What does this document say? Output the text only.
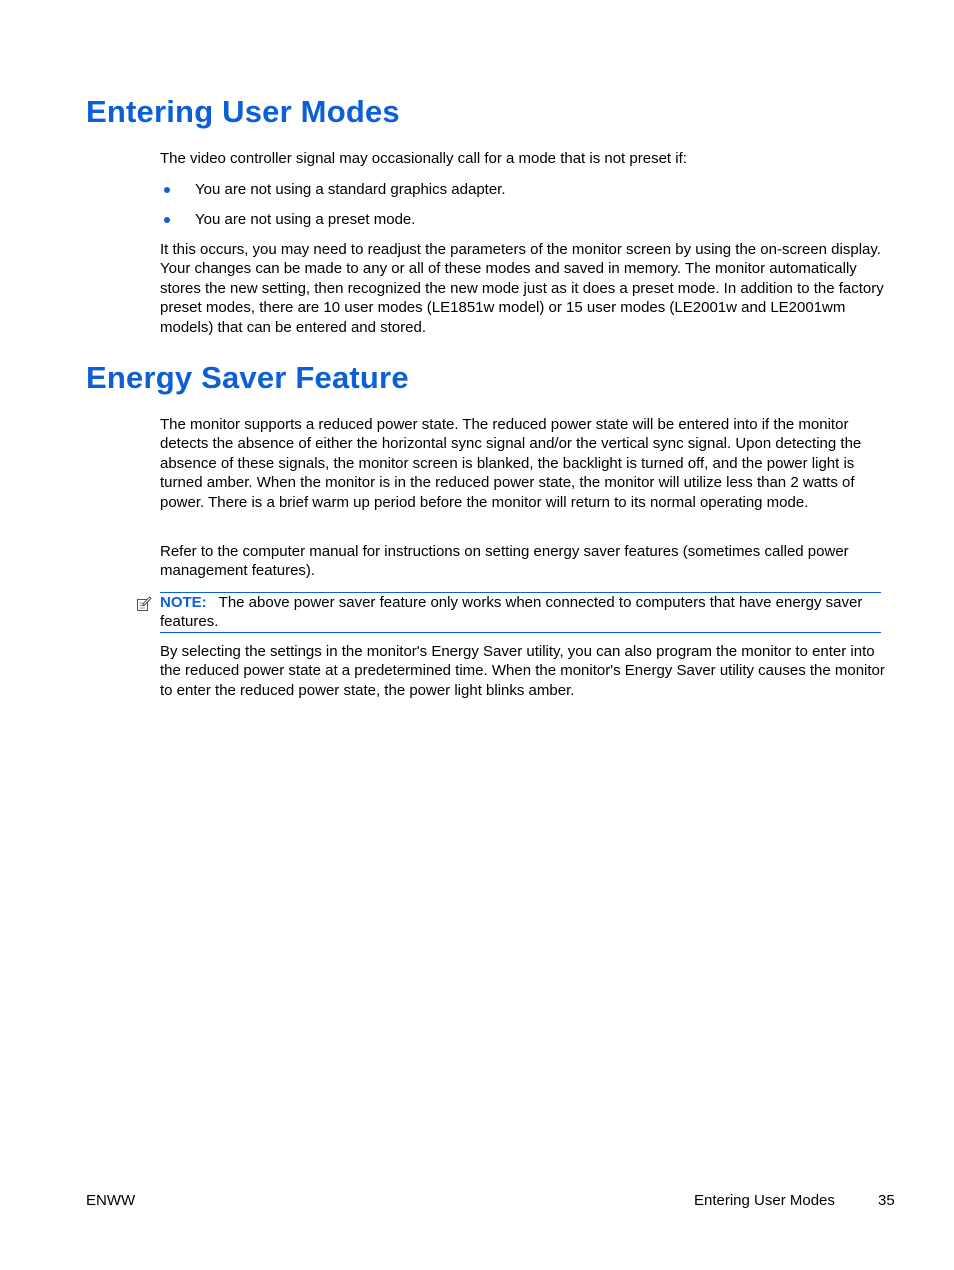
Entering User Modes

The video controller signal may occasionally call for a mode that is not preset if:

You are not using a standard graphics adapter.
You are not using a preset mode.

It this occurs, you may need to readjust the parameters of the monitor screen by using the on-screen display. Your changes can be made to any or all of these modes and saved in memory. The monitor automatically stores the new setting, then recognized the new mode just as it does a preset mode. In addition to the factory preset modes, there are 10 user modes (LE1851w model) or 15 user modes (LE2001w and LE2001wm models) that can be entered and stored.

Energy Saver Feature

The monitor supports a reduced power state. The reduced power state will be entered into if the monitor detects the absence of either the horizontal sync signal and/or the vertical sync signal. Upon detecting the absence of these signals, the monitor screen is blanked, the backlight is turned off, and the power light is turned amber. When the monitor is in the reduced power state, the monitor will utilize less than 2 watts of power. There is a brief warm up period before the monitor will return to its normal operating mode.

Refer to the computer manual for instructions on setting energy saver features (sometimes called power management features).

NOTE: The above power saver feature only works when connected to computers that have energy saver features.

By selecting the settings in the monitor's Energy Saver utility, you can also program the monitor to enter into the reduced power state at a predetermined time. When the monitor's Energy Saver utility causes the monitor to enter the reduced power state, the power light blinks amber.

ENWW	Entering User Modes	35
